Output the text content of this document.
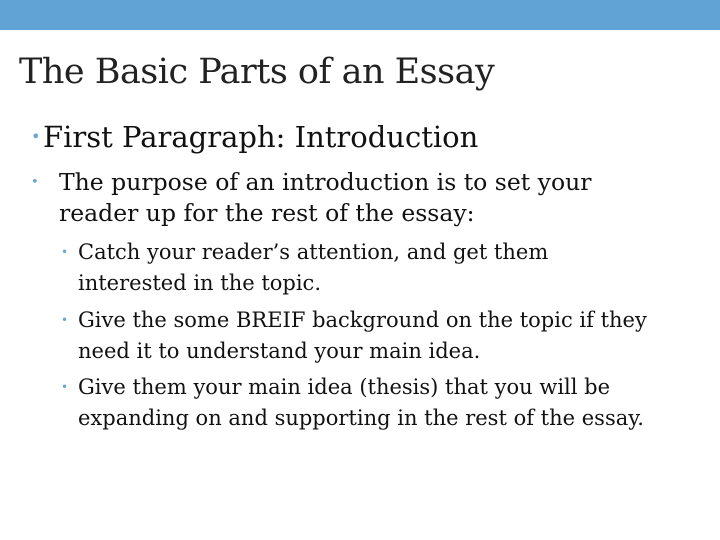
The Basic Parts of an Essay

• First Paragraph: Introduction

• The purpose of an introduction is to set your reader up for the rest of the essay:

• Catch your reader’s attention, and get them interested in the topic.

• Give the some BREIF background on the topic if they need it to understand your main idea.

• Give them your main idea (thesis) that you will be expanding on and supporting in the rest of the essay.
